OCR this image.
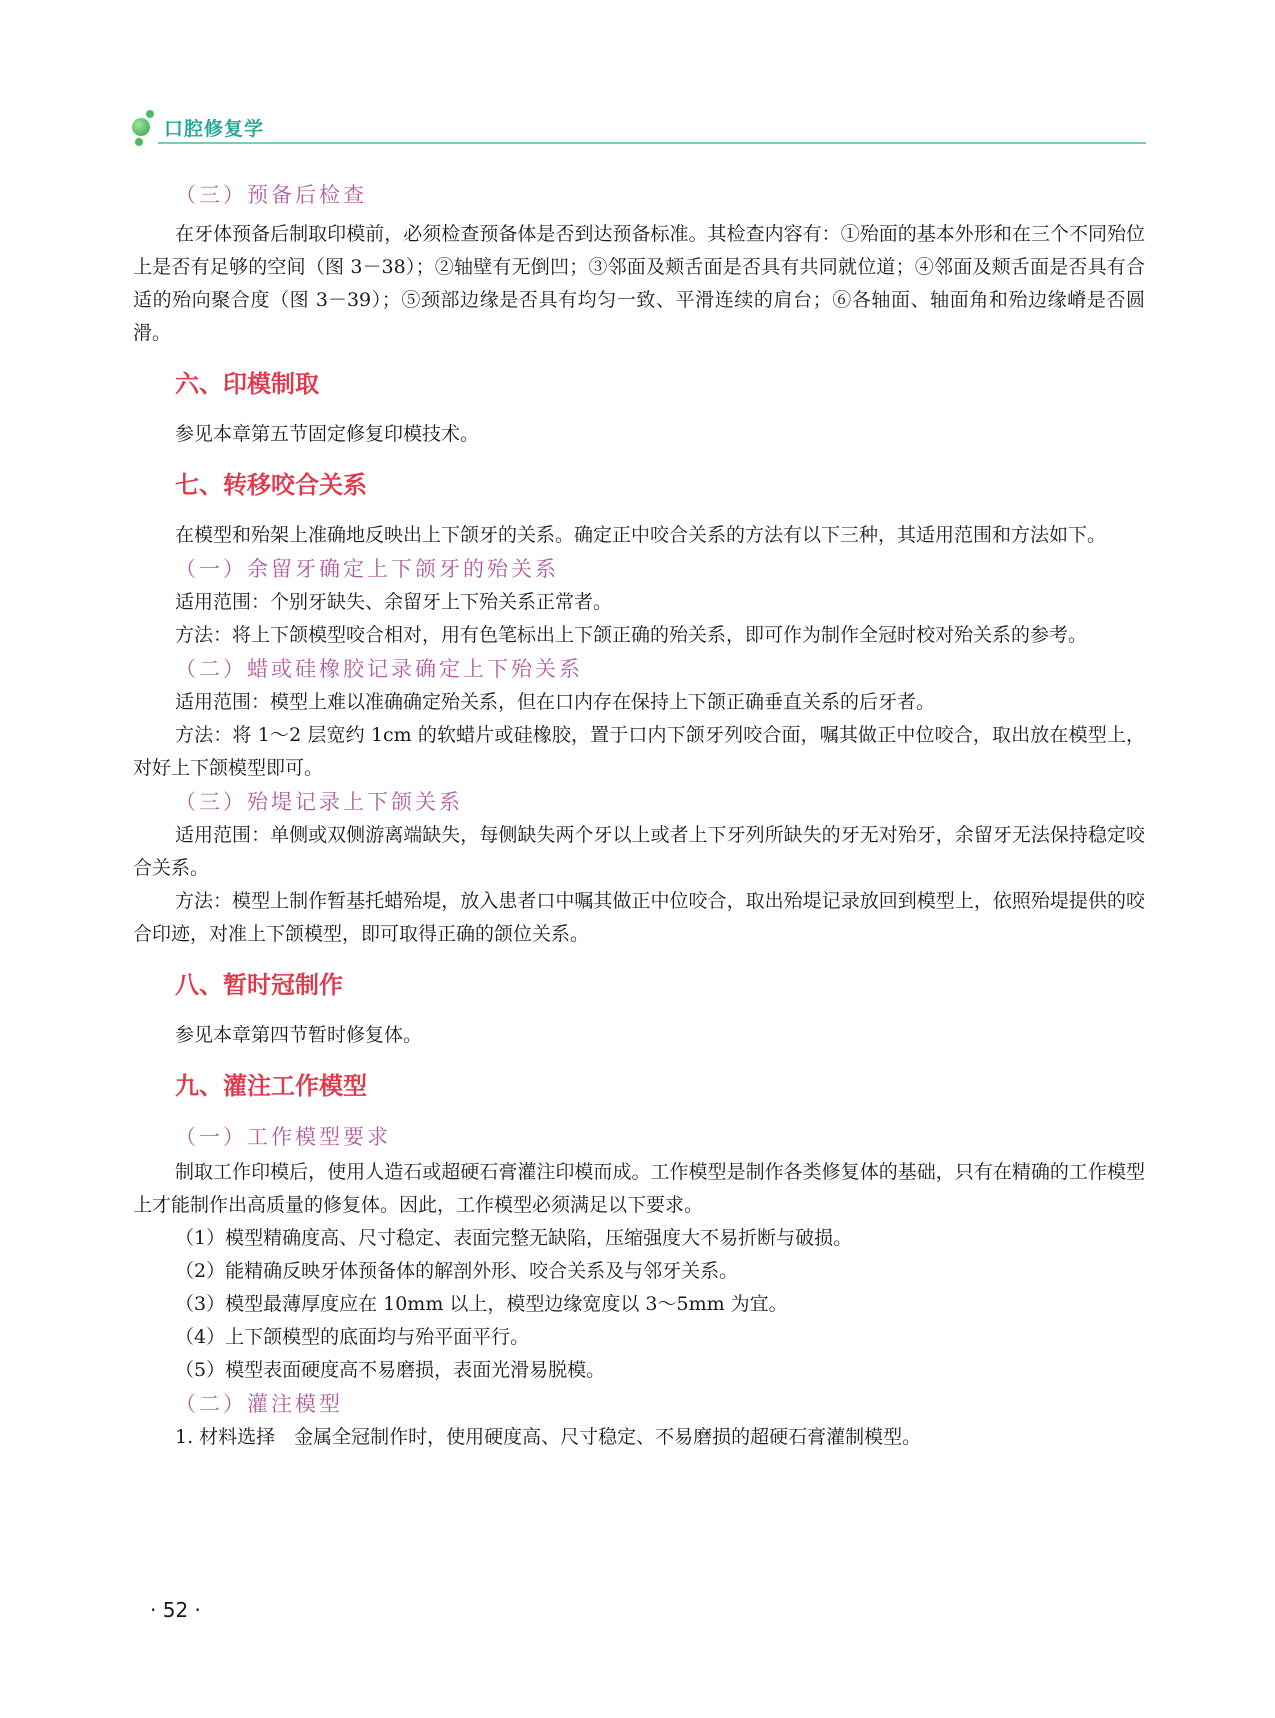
口腔修复学
（三）预备后检查
在牙体预备后制取印模前，必须检查预备体是否到达预备标准。其检查内容有：①殆面的基本外形和在三个不同殆位上是否有足够的空间（图 3－38）；②轴壁有无倒凹；③邻面及颊舌面是否具有共同就位道；④邻面及颊舌面是否具有合适的殆向聚合度（图 3－39）；⑤颈部边缘是否具有均匀一致、平滑连续的肩台；⑥各轴面、轴面角和殆边缘嵴是否圆滑。
六、印模制取
参见本章第五节固定修复印模技术。
七、转移咬合关系
在模型和殆架上准确地反映出上下颌牙的关系。确定正中咬合关系的方法有以下三种，其适用范围和方法如下。
（一）余留牙确定上下颌牙的殆关系
适用范围：个别牙缺失、余留牙上下殆关系正常者。
方法：将上下颌模型咬合相对，用有色笔标出上下颌正确的殆关系，即可作为制作全冠时校对殆关系的参考。
（二）蜡或硅橡胶记录确定上下殆关系
适用范围：模型上难以准确确定殆关系，但在口内存在保持上下颌正确垂直关系的后牙者。
方法：将 1～2 层宽约 1cm 的软蜡片或硅橡胶，置于口内下颌牙列咬合面，嘱其做正中位咬合，取出放在模型上，对好上下颌模型即可。
（三）殆堤记录上下颌关系
适用范围：单侧或双侧游离端缺失，每侧缺失两个牙以上或者上下牙列所缺失的牙无对殆牙，余留牙无法保持稳定咬合关系。
方法：模型上制作暂基托蜡殆堤，放入患者口中嘱其做正中位咬合，取出殆堤记录放回到模型上，依照殆堤提供的咬合印迹，对准上下颌模型，即可取得正确的颌位关系。
八、暂时冠制作
参见本章第四节暂时修复体。
九、灌注工作模型
（一）工作模型要求
制取工作印模后，使用人造石或超硬石膏灌注印模而成。工作模型是制作各类修复体的基础，只有在精确的工作模型上才能制作出高质量的修复体。因此，工作模型必须满足以下要求。
（1）模型精确度高、尺寸稳定、表面完整无缺陷，压缩强度大不易折断与破损。
（2）能精确反映牙体预备体的解剖外形、咬合关系及与邻牙关系。
（3）模型最薄厚度应在 10mm 以上，模型边缘宽度以 3～5mm 为宜。
（4）上下颌模型的底面均与殆平面平行。
（5）模型表面硬度高不易磨损，表面光滑易脱模。
（二）灌注模型
1. 材料选择　金属全冠制作时，使用硬度高、尺寸稳定、不易磨损的超硬石膏灌制模型。
· 52 ·
